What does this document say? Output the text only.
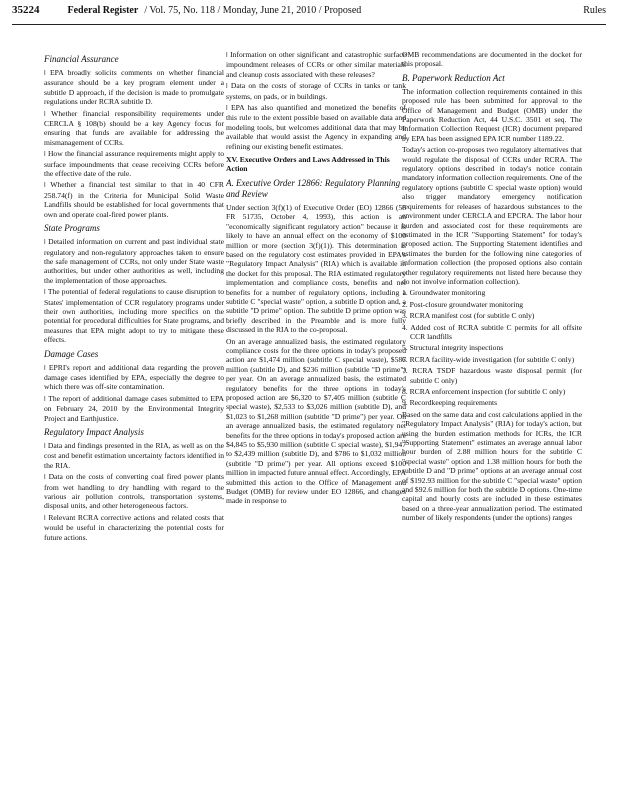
35224	Federal Register / Vol. 75, No. 118 / Monday, June 21, 2010 / Proposed	Rules
Financial Assurance

l EPA broadly solicits comments on whether financial assurance should be a key program element under a subtitle D approach, if the decision is made to promulgate regulations under RCRA subtitle D.

l Whether financial responsibility requirements under CERCLA § 108(b) should be a key Agency focus for ensuring that funds are available for addressing the mismanagement of CCRs.

l How the financial assurance requirements might apply to surface impoundments that cease receiving CCRs before the effective date of the rule.

l Whether a financial test similar to that in 40 CFR 258.74(f) in the Criteria for Municipal Solid Waste Landfills should be established for local governments that own and operate coal-fired power plants.

State Programs

l Detailed information on current and past individual state regulatory and non-regulatory approaches taken to ensure the safe management of CCRs, not only under State waste authorities, but under other authorities as well, including the implementation of those approaches.

l The potential of federal regulations to cause disruption to States' implementation of CCR regulatory programs under their own authorities, including more specifics on the potential for procedural difficulties for State programs, and measures that EPA might adopt to try to mitigate these effects.

Damage Cases

l EPRI's report and additional data regarding the proven damage cases identified by EPA, especially the degree to which there was off-site contamination.

l The report of additional damage cases submitted to EPA on February 24, 2010 by the Environmental Integrity Project and Earthjustice.

Regulatory Impact Analysis

l Data and findings presented in the RIA, as well as on the cost and benefit estimation uncertainty factors identified in the RIA.

l Data on the costs of converting coal fired power plants from wet handling to dry handling with regard to the various air pollution controls, transportation systems, disposal units, and other heterogeneous factors.

l Relevant RCRA corrective actions and related costs that would be useful in characterizing the potential costs for future actions.

l Information on other significant and catastrophic surface impoundment releases of CCRs or other similar materials and cleanup costs associated with these releases?

l Data on the costs of storage of CCRs in tanks or tank systems, on pads, or in buildings.

l EPA has also quantified and monetized the benefits of this rule to the extent possible based on available data and modeling tools, but welcomes additional data that may be available that would assist the Agency in expanding and refining our existing benefit estimates.

XV. Executive Orders and Laws Addressed in This Action
A. Executive Order 12866: Regulatory Planning and Review

Under section 3(f)(1) of Executive Order (EO) 12866 (58 FR 51735, October 4, 1993), this action is an "economically significant regulatory action" because it is likely to have an annual effect on the economy of $100 million or more (section 3(f)(1)). This determination is based on the regulatory cost estimates provided in EPA's "Regulatory Impact Analysis" (RIA) which is available in the docket for this proposal. The RIA estimated regulatory implementation and compliance costs, benefits and net benefits for a number of regulatory options, including a subtitle C "special waste" option, a subtitle D option and, a subtitle "D prime" option. The subtitle D prime option was briefly described in the Preamble and is more fully discussed in the RIA to the co-proposal.

On an average annualized basis, the estimated regulatory compliance costs for the three options in today's proposed action are $1,474 million (subtitle C special waste), $587 million (subtitle D), and $236 million (subtitle "D prime") per year. On an average annualized basis, the estimated regulatory benefits for the three options in today's proposed action are $6,320 to $7,405 million (subtitle C special waste), $2,533 to $3,026 million (subtitle D), and $1,023 to $1,268 million (subtitle "D prime") per year. On an average annualized basis, the estimated regulatory net benefits for the three options in today's proposed action are $4,845 to $5,930 million (subtitle C special waste), $1,947 to $2,439 million (subtitle D), and $786 to $1,032 million (subtitle "D prime") per year. All options exceed $100 million in impacted future annual effect. Accordingly, EPA submitted this action to the Office of Management and Budget (OMB) for review under EO 12866, and changes made in response to

OMB recommendations are documented in the docket for this proposal.

B. Paperwork Reduction Act

The information collection requirements contained in this proposed rule has been submitted for approval to the Office of Management and Budget (OMB) under the Paperwork Reduction Act, 44 U.S.C. 3501 et seq. The Information Collection Request (ICR) document prepared by EPA has been assigned EPA ICR number 1189.22.

Today's action co-proposes two regulatory alternatives that would regulate the disposal of CCRs under RCRA. The regulatory options described in today's notice contain mandatory information collection requirements. One of the regulatory options (subtitle C special waste option) would also trigger mandatory emergency notification requirements for releases of hazardous substances to the environment under CERCLA and EPCRA. The labor hour burden and associated cost for these requirements are estimated in the ICR "Supporting Statement" for today's proposed action. The Supporting Statement identifies and estimates the burden for the following nine categories of information collection (the proposed options also contain other regulatory requirements not listed here because they do not involve information collection).

1. Groundwater monitoring

2. Post-closure groundwater monitoring

3. RCRA manifest cost (for subtitle C only)

4. Added cost of RCRA subtitle C permits for all offsite CCR landfills

5. Structural integrity inspections

6. RCRA facility-wide investigation (for subtitle C only)

7. RCRA TSDF hazardous waste disposal permit (for subtitle C only)

8. RCRA enforcement inspection (for subtitle C only)

9. Recordkeeping requirements

Based on the same data and cost calculations applied in the "Regulatory Impact Analysis" (RIA) for today's action, but using the burden estimation methods for ICRs, the ICR "Supporting Statement" estimates an average annual labor hour burden of 2.88 million hours for the subtitle C "special waste" option and 1.38 million hours for both the subtitle D and "D prime" options at an average annual cost of $192.93 million for the subtitle C "special waste" option and $92.6 million for both the subtitle D options. One-time capital and hourly costs are included in these estimates based on a three-year annualization period. The estimated number of likely respondents (under the options) ranges
